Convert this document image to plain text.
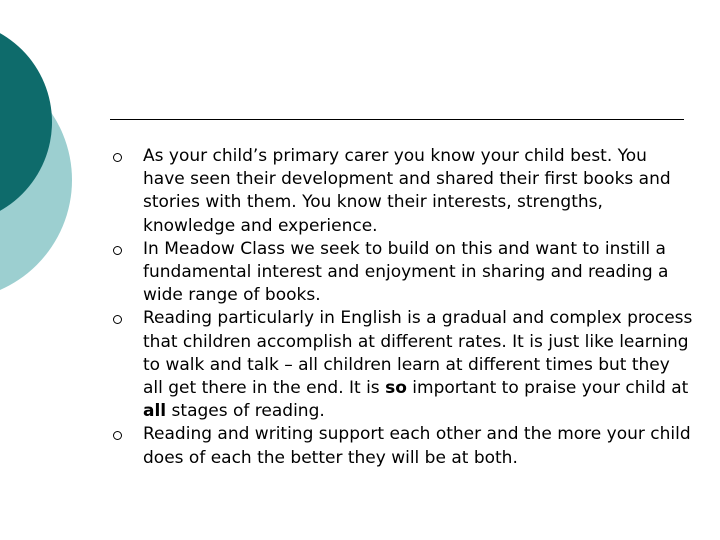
As your child’s primary carer you know your child best. You have seen their development and shared their first books and stories with them. You know their interests, strengths, knowledge and experience.
In Meadow Class we seek to build on this and want to instill a fundamental interest and enjoyment in sharing and reading a wide range of books.
Reading particularly in English is a gradual and complex process that children accomplish at different rates. It is just like learning to walk and talk – all children learn at different times but they all get there in the end. It is so important to praise your child at all stages of reading.
Reading and writing support each other and the more your child does of each the better they will be at both.
